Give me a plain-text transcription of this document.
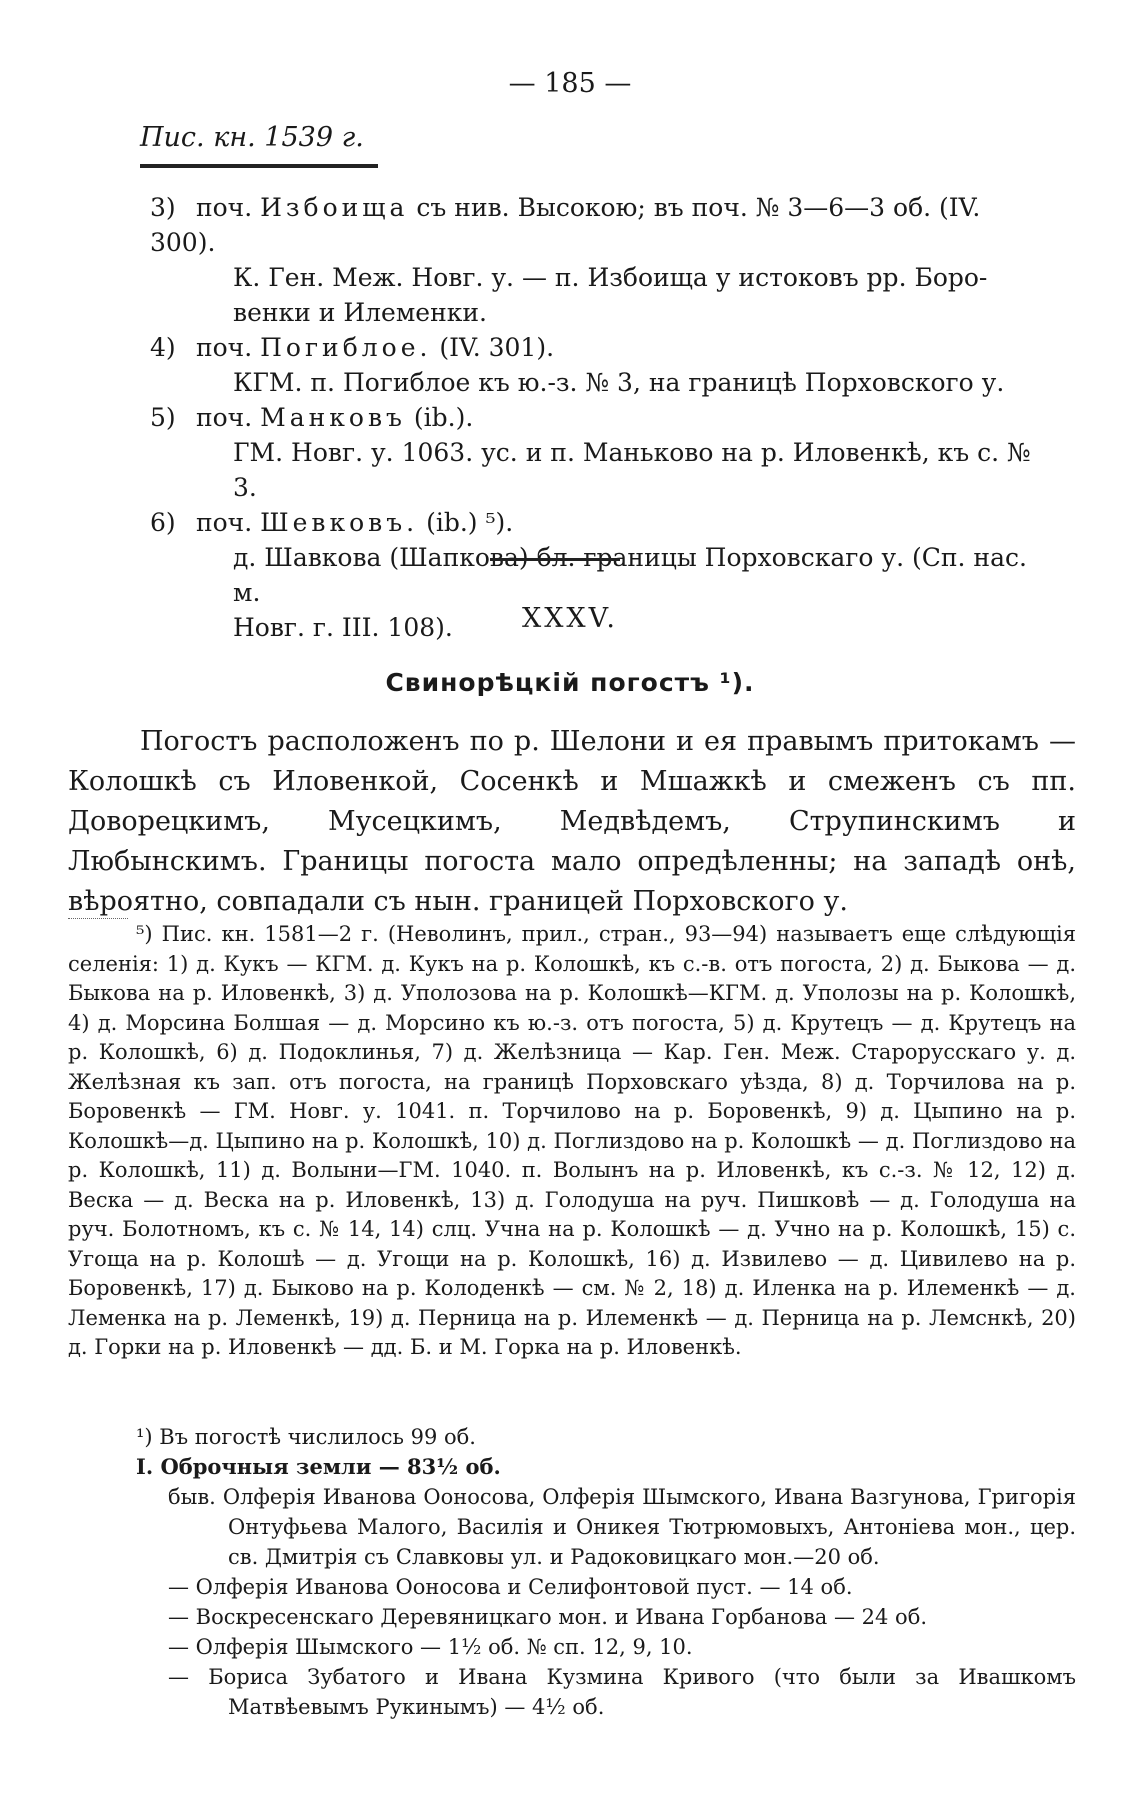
— 185 —
Пис. кн. 1539 г.
3) поч. Избоища съ нив. Высокою; въ поч. № 3—6—3 об. (IV. 300).
К. Ген. Меж. Новг. у. — п. Избоища у истоковъ рр. Боро-
венки и Илеменки.
4) поч. Погиблое. (IV. 301).
КГМ. п. Погиблое къ ю.-з. № 3, на границѣ Порховского у.
5) поч. Манковъ (ib.).
ГМ. Новг. у. 1063. ус. и п. Маньково на р. Иловенкѣ, къ с. № 3.
6) поч. Шевковъ. (ib.) ⁵).
д. Шавкова (Шапкова) бл. границы Порховскаго у. (Сп. нас. м.
Новг. г. III. 108).	XXXV.
Свинорѣцкій погостъ ¹).
Погостъ расположенъ по р. Шелони и ея правымъ притокамъ — Колошкѣ съ Иловенкой, Сосенкѣ и Мшажкѣ и смеженъ съ пп. Доворецкимъ, Мусецкимъ, Медвѣдемъ, Струпинскимъ и Любынскимъ. Границы погоста мало опредѣленны; на западѣ онѣ, вѣроятно, совпадали съ нын. границей Порховского у.
⁵) Пис. кн. 1581—2 г. (Неволинъ, прил., стран., 93—94) называетъ еще слѣдующія селенія: 1) д. Кукъ — КГМ. д. Кукъ на р. Колошкѣ, къ с.-в. отъ погоста, 2) д. Быкова — д. Быкова на р. Иловенкѣ, 3) д. Уполозова на р. Колошкѣ—КГМ. д. Уполозы на р. Колошкѣ, 4) д. Морсина Болшая — д. Морсино къ ю.-з. отъ погоста, 5) д. Крутецъ — д. Крутецъ на р. Колошкѣ, 6) д. Подоклинья, 7) д. Желѣзница — Кар. Ген. Меж. Старорусскаго у. д. Желѣзная къ зап. отъ погоста, на границѣ Порховскаго уѣзда, 8) д. Торчилова на р. Боровенкѣ — ГМ. Новг. у. 1041. п. Торчилово на р. Боровенкѣ, 9) д. Цыпино на р. Колошкѣ—д. Цыпино на р. Колошкѣ, 10) д. Поглиздово на р. Колошкѣ — д. Поглиздово на р. Колошкѣ, 11) д. Волыни—ГМ. 1040. п. Волынъ на р. Иловенкѣ, къ с.-з. № 12, 12) д. Веска — д. Веска на р. Иловенкѣ, 13) д. Голодуша на руч. Пишковѣ — д. Голодуша на руч. Болотномъ, къ с. № 14, 14) слц. Учна на р. Колошкѣ — д. Учно на р. Колошкѣ, 15) с. Угоща на р. Колошѣ — д. Угощи на р. Колошкѣ, 16) д. Извилево — д. Цивилево на р. Боровенкѣ, 17) д. Быково на р. Колоденкѣ — см. № 2, 18) д. Иленка на р. Илеменкѣ — д. Леменка на р. Леменкѣ, 19) д. Перница на р. Илеменкѣ — д. Перница на р. Лемснкѣ, 20) д. Горки на р. Иловенкѣ — дд. Б. и М. Горка на р. Иловенкѣ.
¹) Въ погостѣ числилось 99 об.
I. Оброчныя земли — 83½ об.
быв. Олферія Иванова Ооносова, Олферія Шымского, Ивана Вазгунова, Григорія Онтуфьева Малого, Василія и Оникея Тютрюмовыхъ, Антонiева мон., цер. св. Дмитрія съ Славковы ул. и Радоковицкаго мон.—20 об.
— Олферія Иванова Ооносова и Селифонтовой пуст. — 14 об.
— Воскресенскаго Деревяницкаго мон. и Ивана Горбанова — 24 об.
— Олферія Шымского — 1½ об. № сп. 12, 9, 10.
— Бориса Зубатого и Ивана Кузмина Кривого (что были за Ивашкомъ Матвѣевымъ Рукинымъ) — 4½ об.
